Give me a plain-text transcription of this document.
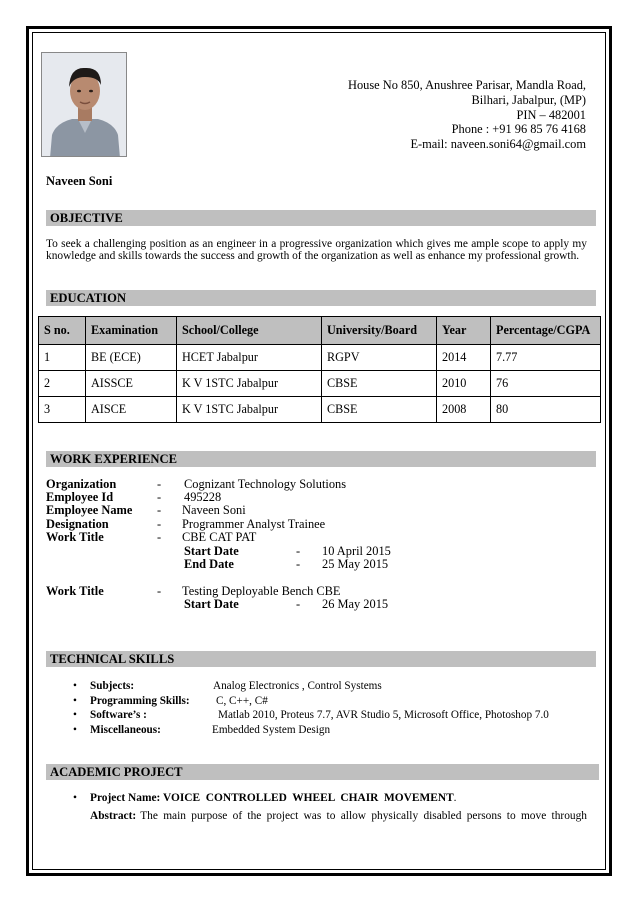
House No 850, Anushree Parisar, Mandla Road,
Bilhari, Jabalpur, (MP)
PIN – 482001
Phone : +91 96 85 76 4168
E-mail: naveen.soni64@gmail.com
Naveen Soni
OBJECTIVE
To seek a challenging position as an engineer in a progressive organization which gives me ample scope to apply my knowledge and skills towards the success and growth of the organization as well as enhance my professional growth.
EDUCATION
S no.	Examination	School/College	University/Board	Year	Percentage/CGPA
1	BE (ECE)	HCET Jabalpur	RGPV	2014	7.77
2	AISSCE	K V 1STC Jabalpur	CBSE	2010	76
3	AISCE	K V 1STC Jabalpur	CBSE	2008	80
WORK EXPERIENCE
Organization	- Cognizant Technology Solutions
Employee Id	- 495228
Employee Name - Naveen Soni
Designation	- Programmer Analyst Trainee
Work Title	- CBE CAT PAT
Start Date	- 10 April 2015
End Date	- 25 May 2015
Work Title	- Testing Deployable Bench CBE
Start Date	- 26 May 2015
TECHNICAL SKILLS
• Subjects:	Analog Electronics , Control Systems
• Programming Skills: C, C++, C#
• Software’s :	Matlab 2010, Proteus 7.7, AVR Studio 5, Microsoft Office, Photoshop 7.0
• Miscellaneous:	Embedded System Design
ACADEMIC PROJECT
• Project Name: VOICE  CONTROLLED  WHEEL  CHAIR  MOVEMENT.
Abstract: The main purpose of the project was to allow physically disabled persons to move through
